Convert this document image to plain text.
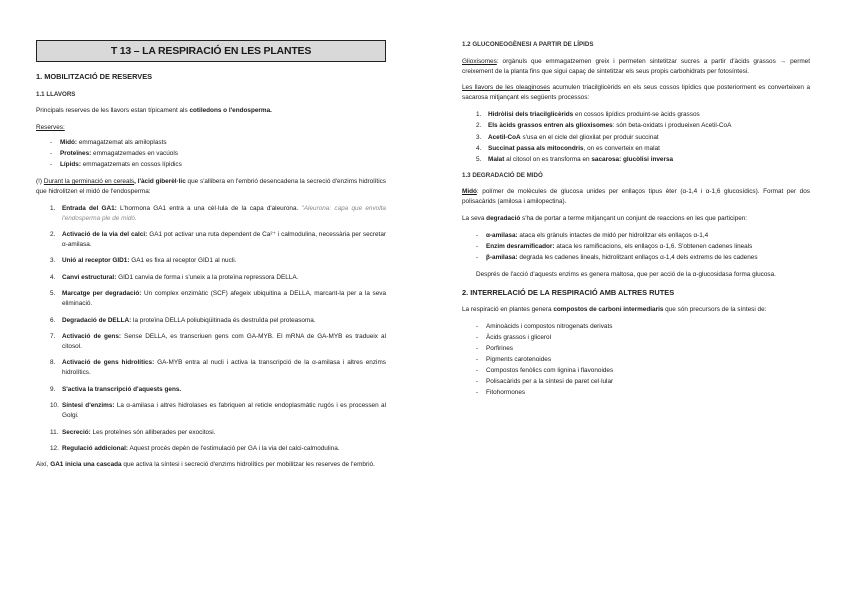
T 13 – LA RESPIRACIÓ EN LES PLANTES
1. MOBILITZACIÓ DE RESERVES
1.1 LLAVORS

Principals reserves de les llavors estan típicament als cotiledons o l'endosperma.

Reserves:

- Midó: emmagatzemat als amiloplasts
- Proteïnes: emmagatzemades en vacúols
- Lípids: emmagatzemats en cossos lípidics

(!) Durant la germinació en cereals, l'àcid giberèl·lic que s'allibera en l'embrió desencadena la secreció d'enzims hidrolítics que hidrolitzen el midó de l'endosperma:

1. Entrada del GA1: L'hormona GA1 entra a una cèl·lula de la capa d'aleurona. "Aleurona: capa que envolta l'endosperma ple de midó.
2. Activació de la via del calci: GA1 pot activar una ruta dependent de Ca²⁺ i calmodulina, necessària per secretar α-amilasa.
3. Unió al receptor GID1: GA1 es fixa al receptor GID1 al nucli.
4. Canvi estructural: GID1 canvia de forma i s'uneix a la proteïna repressora DELLA.
5. Marcatge per degradació: Un complex enzimàtic (SCF) afegeix ubiquitina a DELLA, marcant-la per a la seva eliminació.
6. Degradació de DELLA: la proteïna DELLA poliubiqüitinada és destruïda pel proteasoma.
7. Activació de gens: Sense DELLA, es transcriuen gens com GA-MYB. El mRNA de GA-MYB es tradueix al citosol.
8. Activació de gens hidrolítics: GA-MYB entra al nucli i activa la transcripció de la α-amilasa i altres enzims hidrolítics.
9. S'activa la transcripció d'aquests gens.
10. Síntesi d'enzims: La α-amilasa i altres hidrolases es fabriquen al reticle endoplasmàtic rugós i es processen al Golgi.
11. Secreció: Les proteïnes són alliberades per exocitosi.
12. Regulació addicional: Aquest procés depèn de l'estimulació per GA i la via del calci-calmodulina.

Així, GA1 inicia una cascada que activa la síntesi i secreció d'enzims hidrolítics per mobilitzar les reserves de l'embrió.

1.2 GLUCONEOGÈNESI A PARTIR DE LÍPIDS

Glioxisomes: orgànuls que emmagatzemen greix i permeten sintetitzar sucres a partir d'àcids grassos → permet creixement de la planta fins que sigui capaç de sintetitzar els seus propis carbohidrats per fotosíntesi.

Les llavors de les oleaginoses acumulen triacilglicèrids en els seus cossos lipídics que posteriorment es converteixen a sacarosa mitjançant els següents processos:

1. Hidròlisi dels triacilglicèrids en cossos lipídics produint-se àcids grassos
2. Els àcids grassos entren als glioxisomes: són beta-oxidats i produeixen Acetil-CoA
3. Acetil-CoA s'usa en el cicle del glioxilat per produir succinat
4. Succinat passa als mitocondris, on es converteix en malat
5. Malat al citosol on es transforma en sacarosa: glucòlisi inversa
1.3 DEGRADACIÓ DE MIDÓ

Midó: polímer de molècules de glucosa unides per enllaços tipus èter (α-1,4 i α-1,6 glucosídics). Format per dos polisacàrids (amilosa i amilopectina).

La seva degradació s'ha de portar a terme mitjançant un conjunt de reaccions en les que participen:

- α-amilasa: ataca els grànuls intactes de midó per hidrolitzar els enllaços α-1,4
- Enzim desramificador: ataca les ramificacions, els enllaços α-1,6. S'obtenen cadenes lineals
- β-amilasa: degrada les cadenes lineals, hidrolitzant enllaços α-1,4 dels extrems de les cadenes

Després de l'acció d'aquests enzims es genera maltosa, que per acció de la α-glucosidasa forma glucosa.

2. INTERRELACIÓ DE LA RESPIRACIÓ AMB ALTRES RUTES

La respiració en plantes genera compostos de carboni intermediaris que són precursors de la síntesi de:

- Aminoàcids i compostos nitrogenats derivats
- Àcids grassos i glicerol
- Porfirines
- Pigments carotenoides
- Compostos fenòlics com lignina i flavonoides
- Polisacàrids per a la síntesi de paret cel·lular
- Fitohormones
